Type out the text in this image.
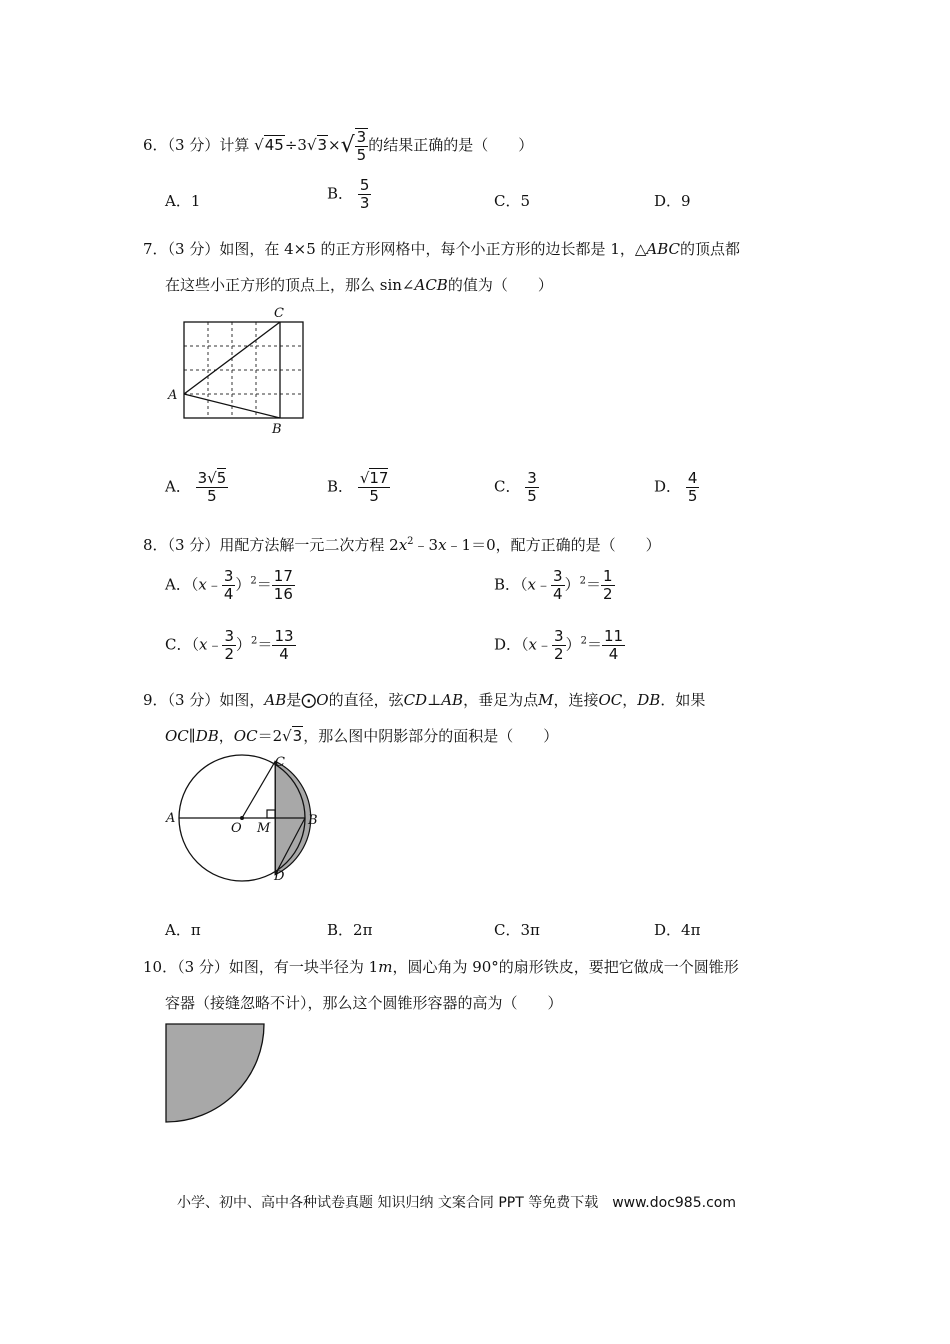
6．（3 分）计算 $√45\div 3√3\times√ \frac{3}{5}$ 的结果正确的是（　　）
A．1	B． $\frac{5}{3}$	C．5	D．9
7．（3 分）如图，在 4×5 的正方形网格中，每个小正方形的边长都是 1，△ABC的顶点都
在这些小正方形的顶点上，那么 sin∠ACB的值为（　　）
C
A
B
A． $\frac{3√5}{5}$	B． $\frac{√17}{5}$	C． $\frac{3}{5}$	D． $\frac{4}{5}$
8．（3 分）用配方法解一元二次方程 $2x^2﹣3x﹣1=0$，配方正确的是（　　）
A．（x﹣ $\frac{3}{4} )^2= \frac{17}{16}$	B．（x﹣ $\frac{3}{4} )^2= \frac{1}{2}$
C．（x﹣ $\frac{3}{2} )^2= \frac{13}{4}$	D．（x﹣ $\frac{3}{2} )^2= \frac{11}{4}$
9．（3 分）如图，AB是⨀O的直径，弦CD⊥AB，垂足为点M，连接OC，DB．如果
OC∥DB，OC＝2√3，那么图中阴影部分的面积是（　　）
A	B
C
D
O M
A．π	B．2π	C．3π	D．4π
10．（3 分）如图，有一块半径为 1m，圆心角为 90°的扇形铁皮，要把它做成一个圆锥形
容器（接缝忽略不计），那么这个圆锥形容器的高为（　　）
小学、初中、高中各种试卷真题 知识归纳 文案合同 PPT 等免费下载　www.doc985.com
